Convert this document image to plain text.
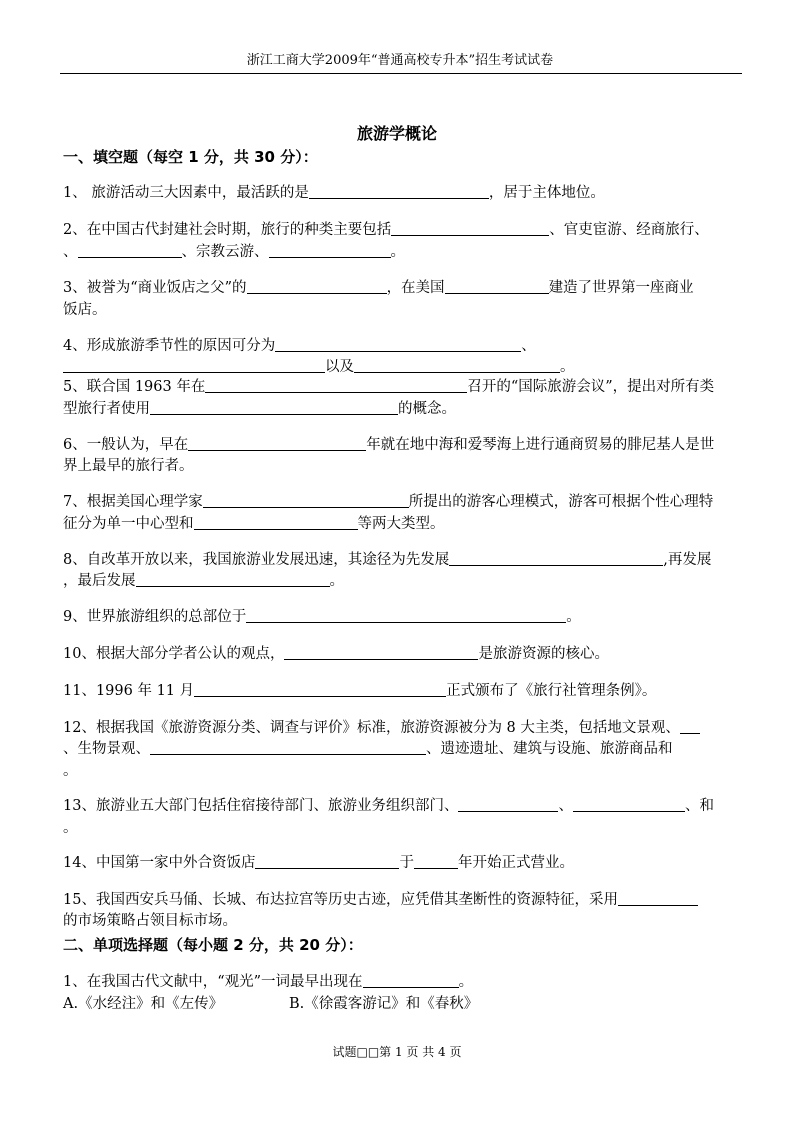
浙江工商大学2009年“普通高校专升本”招生考试试卷
旅游学概论
一、填空题（每空 1 分，共 30 分）：
1、 旅游活动三大因素中，最活跃的是	，居于主体地位。
2、在中国古代封建社会时期，旅行的种类主要包括	、官吏宦游、经商旅行、
、	、宗教云游、	。
3、被誉为“商业饭店之父”的	，在美国	建造了世界第一座商业
饭店。
4、形成旅游季节性的原因可分为	、
以及	。
5、联合国 1963 年在	召开的“国际旅游会议”，提出对所有类
型旅行者使用	的概念。
6、一般认为，早在	年就在地中海和爱琴海上进行通商贸易的腓尼基人是世
界上最早的旅行者。
7、根据美国心理学家	所提出的游客心理模式，游客可根据个性心理特
征分为单一中心型和	等两大类型。
8、自改革开放以来，我国旅游业发展迅速，其途径为先发展	,再发展
，最后发展	。
9、世界旅游组织的总部位于	。
10、根据大部分学者公认的观点，	是旅游资源的核心。
11、1996 年 11 月	正式颁布了《旅行社管理条例》。
12、根据我国《旅游资源分类、调查与评价》标准，旅游资源被分为 8 大主类，包括地文景观、
、生物景观、	、遗迹遗址、建筑与设施、旅游商品和
。
13、旅游业五大部门包括住宿接待部门、旅游业务组织部门、	、	、和
。
14、中国第一家中外合资饭店	于	年开始正式营业。
15、我国西安兵马俑、长城、布达拉宫等历史古迹，应凭借其垄断性的资源特征，采用
的市场策略占领目标市场。
二、单项选择题（每小题 2 分，共 20 分）：
1、在我国古代文献中，“观光”一词最早出现在	。
A.《水经注》和《左传》	B.《徐霞客游记》和《春秋》
试题□□第 1 页 共 4 页
